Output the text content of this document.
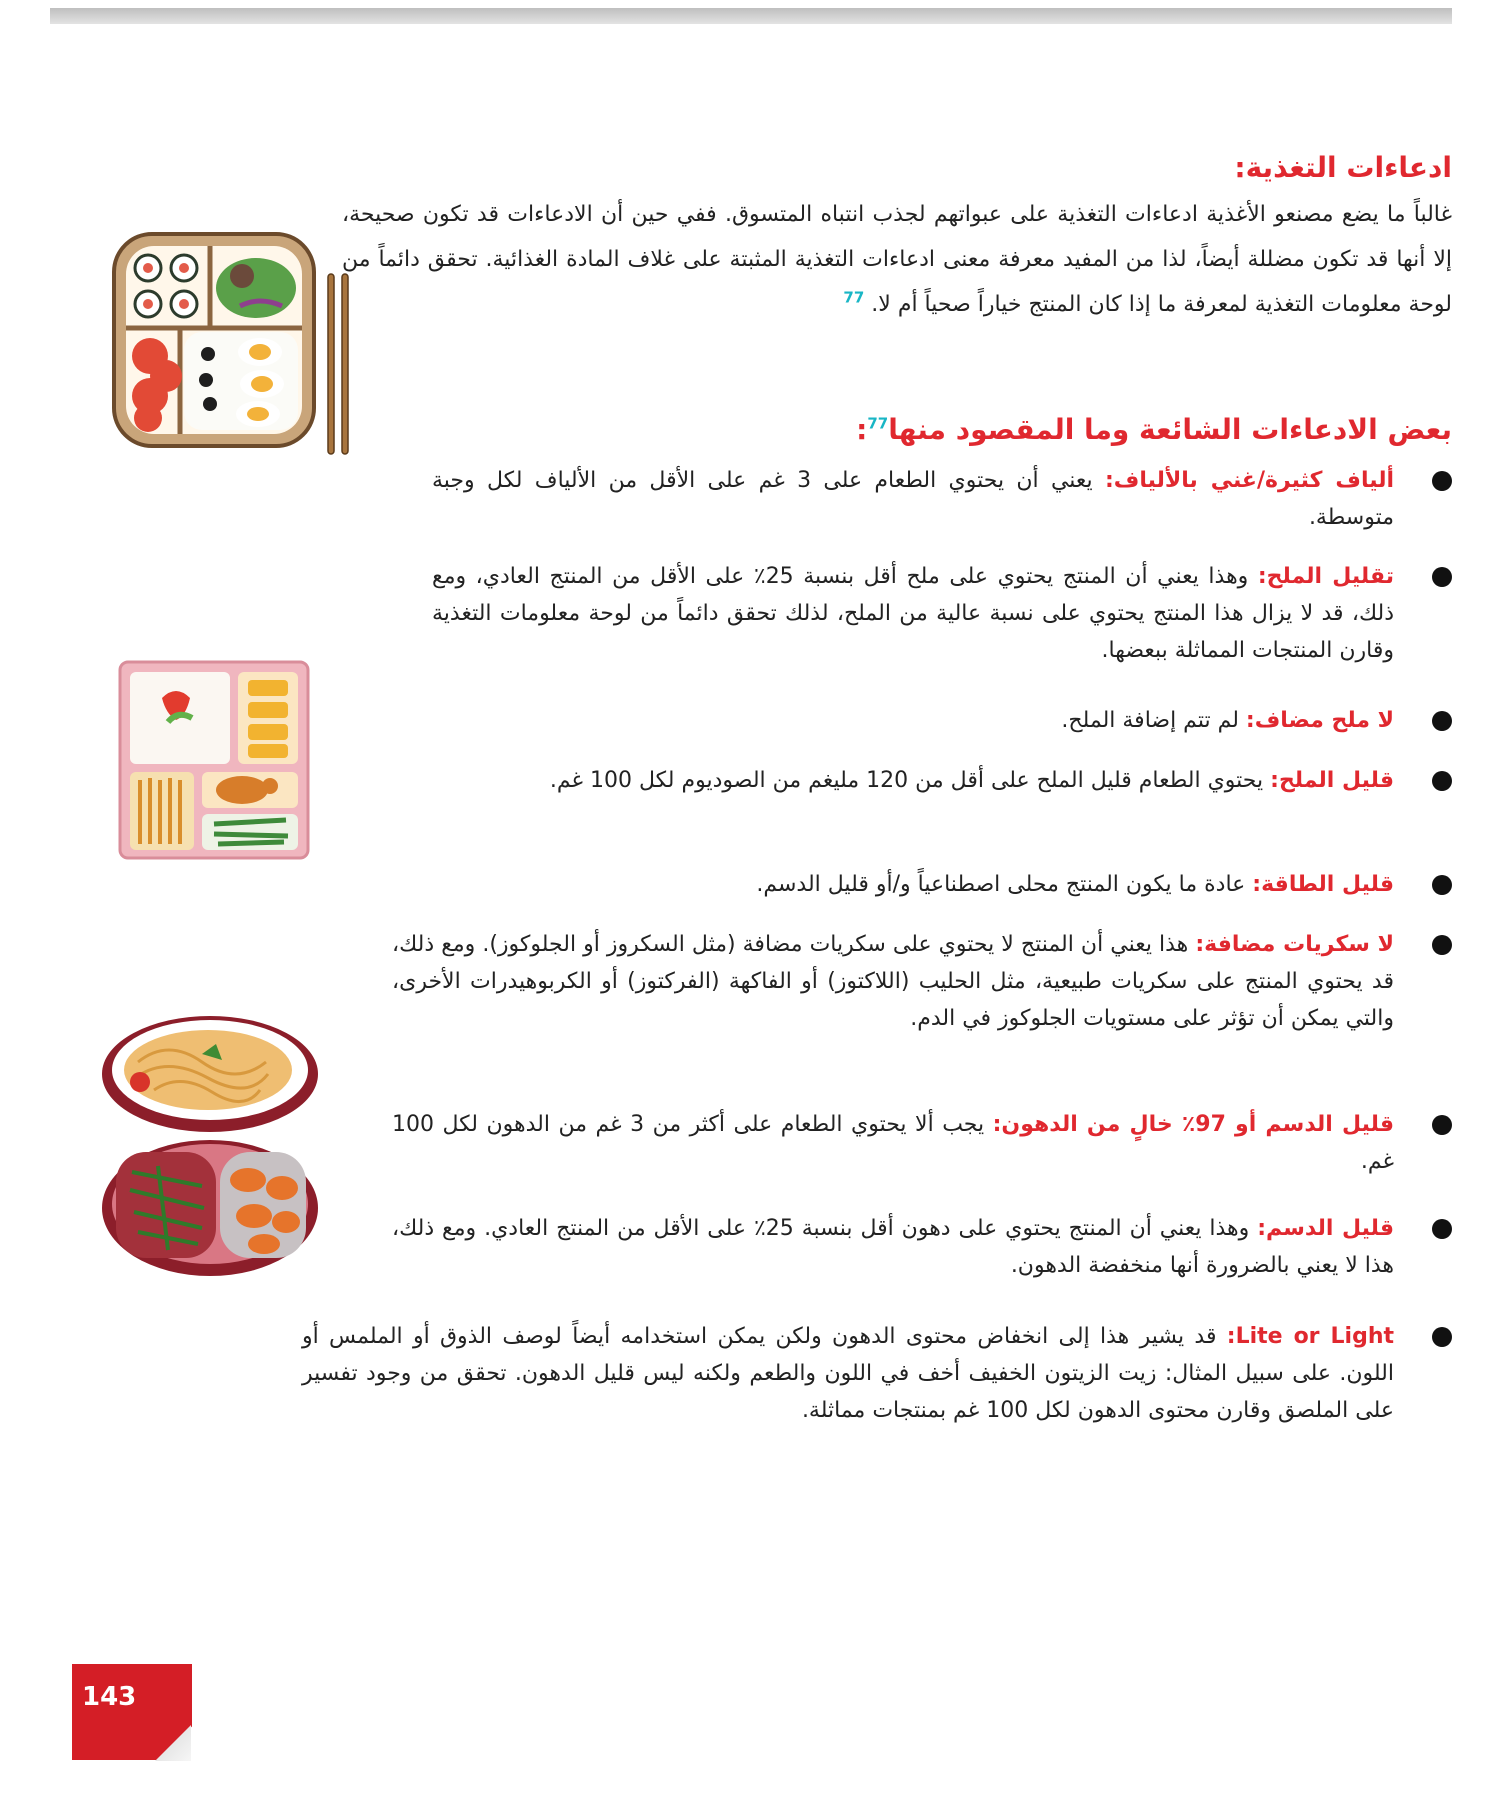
ادعاءات التغذية:
غالباً ما يضع مصنعو الأغذية ادعاءات التغذية على عبواتهم لجذب انتباه المتسوق. ففي حين أن الادعاءات قد تكون صحيحة، إلا أنها قد تكون مضللة أيضاً، لذا من المفيد معرفة معنى ادعاءات التغذية المثبتة على غلاف المادة الغذائية. تحقق دائماً من لوحة معلومات التغذية لمعرفة ما إذا كان المنتج خياراً صحياً أم لا. $^{77}$
بعض الادعاءات الشائعة وما المقصود منها$^{77}$:
ألياف كثيرة/غني بالألياف: يعني أن يحتوي الطعام على 3 غم على الأقل من الألياف لكل وجبة متوسطة.
تقليل الملح: وهذا يعني أن المنتج يحتوي على ملح أقل بنسبة 25٪ على الأقل من المنتج العادي، ومع ذلك، قد لا يزال هذا المنتج يحتوي على نسبة عالية من الملح، لذلك تحقق دائماً من لوحة معلومات التغذية وقارن المنتجات المماثلة ببعضها.
لا ملح مضاف: لم تتم إضافة الملح.
قليل الملح: يحتوي الطعام قليل الملح على أقل من 120 مليغم من الصوديوم لكل 100 غم.
قليل الطاقة: عادة ما يكون المنتج محلى اصطناعياً و/أو قليل الدسم.
لا سكريات مضافة: هذا يعني أن المنتج لا يحتوي على سكريات مضافة (مثل السكروز أو الجلوكوز). ومع ذلك، قد يحتوي المنتج على سكريات طبيعية، مثل الحليب (اللاكتوز) أو الفاكهة (الفركتوز) أو الكربوهيدرات الأخرى، والتي يمكن أن تؤثر على مستويات الجلوكوز في الدم.
قليل الدسم أو 97٪ خالٍ من الدهون: يجب ألا يحتوي الطعام على أكثر من 3 غم من الدهون لكل 100 غم.
قليل الدسم: وهذا يعني أن المنتج يحتوي على دهون أقل بنسبة 25٪ على الأقل من المنتج العادي. ومع ذلك، هذا لا يعني بالضرورة أنها منخفضة الدهون.
Lite or Light: قد يشير هذا إلى انخفاض محتوى الدهون ولكن يمكن استخدامه أيضاً لوصف الذوق أو الملمس أو اللون. على سبيل المثال: زيت الزيتون الخفيف أخف في اللون والطعم ولكنه ليس قليل الدهون. تحقق من وجود تفسير على الملصق وقارن محتوى الدهون لكل 100 غم بمنتجات مماثلة.
143
